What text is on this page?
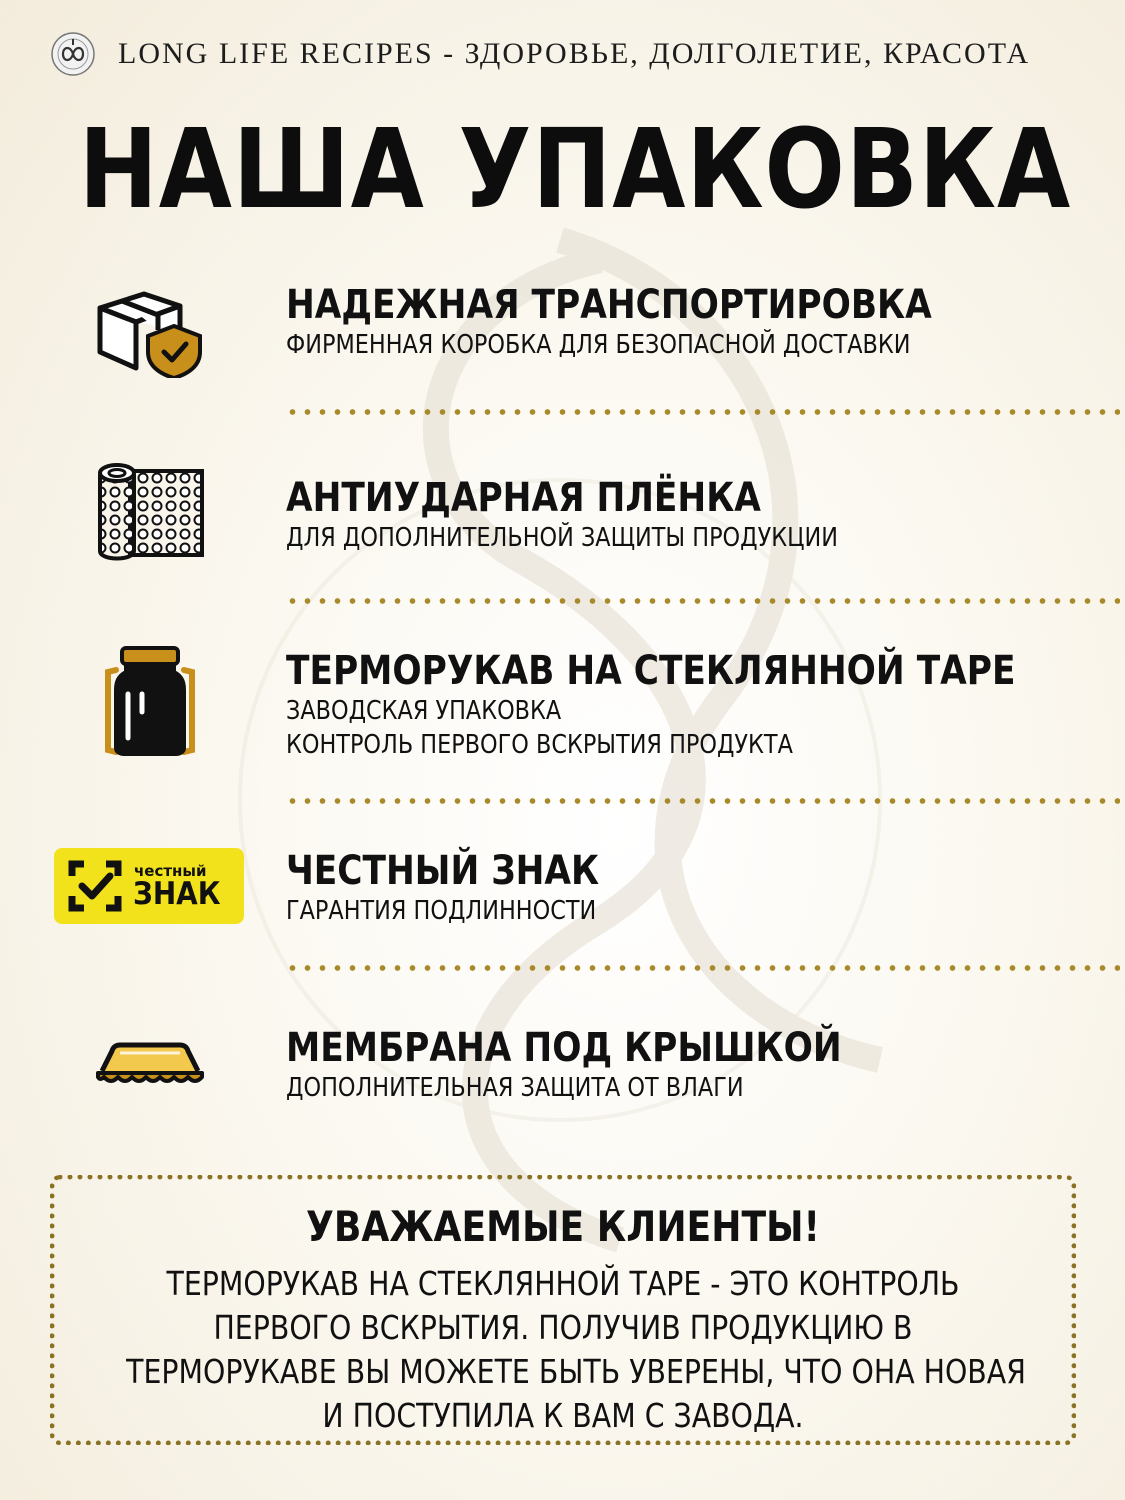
LONG LIFE RECIPES - ЗДОРОВЬЕ, ДОЛГОЛЕТИЕ, КРАСОТА
НАША УПАКОВКА
НАДЕЖНАЯ ТРАНСПОРТИРОВКА
ФИРМЕННАЯ КОРОБКА ДЛЯ БЕЗОПАСНОЙ ДОСТАВКИ
АНТИУДАРНАЯ ПЛЁНКА
ДЛЯ ДОПОЛНИТЕЛЬНОЙ ЗАЩИТЫ ПРОДУКЦИИ
ТЕРМОРУКАВ НА СТЕКЛЯННОЙ ТАРЕ
ЗАВОДСКАЯ УПАКОВКА
КОНТРОЛЬ ПЕРВОГО ВСКРЫТИЯ ПРОДУКТА
честный
ЗНАК ЧЕСТНЫЙ ЗНАК
ГАРАНТИЯ ПОДЛИННОСТИ
МЕМБРАНА ПОД КРЫШКОЙ
ДОПОЛНИТЕЛЬНАЯ ЗАЩИТА ОТ ВЛАГИ
УВАЖАЕМЫЕ КЛИЕНТЫ!
ТЕРМОРУКАВ НА СТЕКЛЯННОЙ ТАРЕ - ЭТО КОНТРОЛЬ
ПЕРВОГО ВСКРЫТИЯ. ПОЛУЧИВ ПРОДУКЦИЮ В
ТЕРМОРУКАВЕ ВЫ МОЖЕТЕ БЫТЬ УВЕРЕНЫ, ЧТО ОНА НОВАЯ
И ПОСТУПИЛА К ВАМ С ЗАВОДА.
